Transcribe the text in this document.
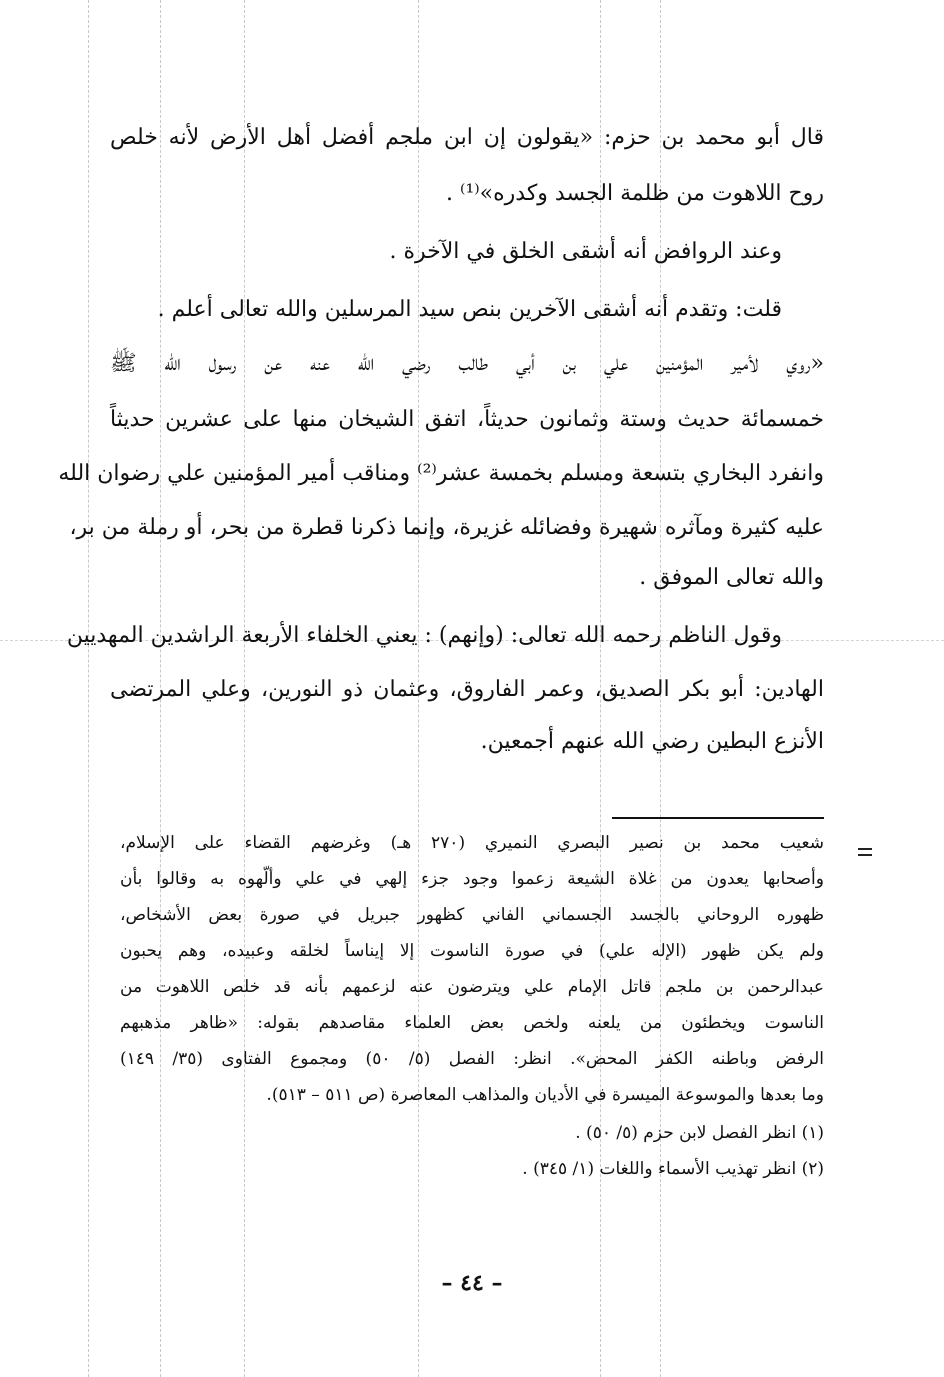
قال أبو محمد بن حزم: «يقولون إن ابن ملجم أفضل أهل الأرض لأنه خلص
روح اللاهوت من ظلمة الجسد وكدره»⁽¹⁾ .
وعند الروافض أنه أشقى الخلق في الآخرة .
قلت: وتقدم أنه أشقى الآخرين بنص سيد المرسلين والله تعالى أعلم .
«روي لأمير المؤمنين علي بن أبي طالب رضي الله عنه عن رسول الله ﷺ
خمسمائة حديث وستة وثمانون حديثاً، اتفق الشيخان منها على عشرين حديثاً
وانفرد البخاري بتسعة ومسلم بخمسة عشر⁽²⁾ ومناقب أمير المؤمنين علي رضوان الله
عليه كثيرة ومآثره شهيرة وفضائله غزيرة، وإنما ذكرنا قطرة من بحر، أو رملة من بر،
والله تعالى الموفق .
وقول الناظم رحمه الله تعالى: (وإنهم) : يعني الخلفاء الأربعة الراشدين المهديين
الهادين: أبو بكر الصديق، وعمر الفاروق، وعثمان ذو النورين، وعلي المرتضى
الأنزع البطين رضي الله عنهم أجمعين.
شعيب محمد بن نصير البصري النميري (٢٧٠ هـ) وغرضهم القضاء على الإسلام،
وأصحابها يعدون من غلاة الشيعة زعموا وجود جزء إلهي في علي وألّهوه به وقالوا بأن
ظهوره الروحاني بالجسد الجسماني الفاني كظهور جبريل في صورة بعض الأشخاص،
ولم يكن ظهور (الإله علي) في صورة الناسوت إلا إيناساً لخلقه وعبيده، وهم يحبون
عبدالرحمن بن ملجم قاتل الإمام علي ويترضون عنه لزعمهم بأنه قد خلص اللاهوت من
الناسوت ويخطئون من يلعنه ولخص بعض العلماء مقاصدهم بقوله: «ظاهر مذهبهم
الرفض وباطنه الكفر المحض». انظر: الفصل (٥/ ٥٠) ومجموع الفتاوى (٣٥/ ١٤٩)
وما بعدها والموسوعة الميسرة في الأديان والمذاهب المعاصرة (ص ٥١١ – ٥١٣).
(١) انظر الفصل لابن حزم (٥/ ٥٠) .
(٢) انظر تهذيب الأسماء واللغات (١/ ٣٤٥) .
– ٤٤ –
